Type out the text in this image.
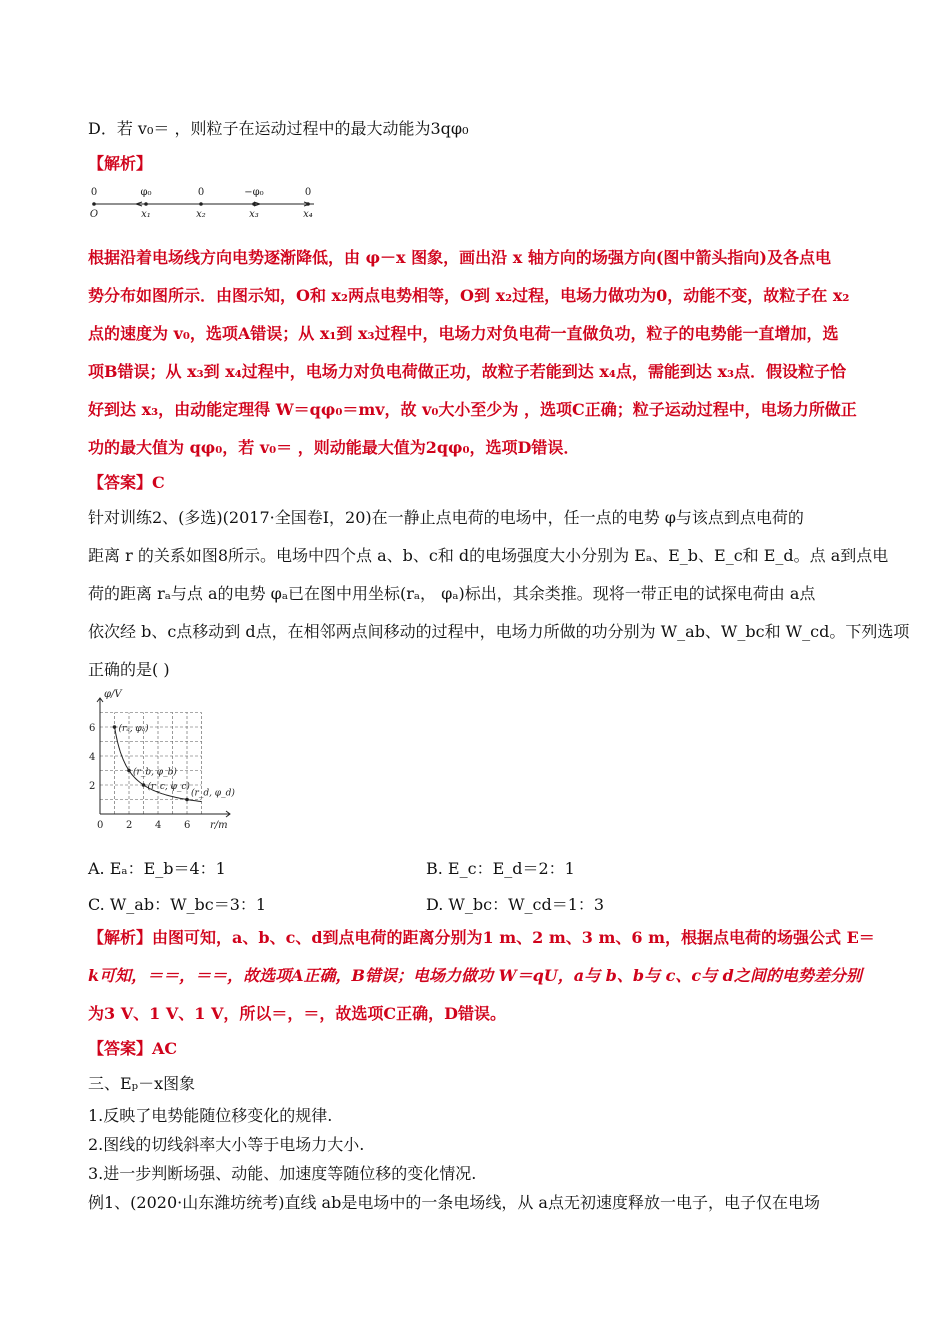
D．若 v₀＝ ，则粒子在运动过程中的最大动能为3qφ₀
【解析】
0	φ₀	0	−φ₀	0
O	x₁	x₂	x₃	x₄
根据沿着电场线方向电势逐渐降低，由 φ－x 图象，画出沿 x 轴方向的场强方向(图中箭头指向)及各点电
势分布如图所示．由图示知，O和 x₂两点电势相等，O到 x₂过程，电场力做功为0，动能不变，故粒子在 x₂
点的速度为 v₀，选项A错误；从 x₁到 x₃过程中，电场力对负电荷一直做负功，粒子的电势能一直增加，选
项B错误；从 x₃到 x₄过程中，电场力对负电荷做正功，故粒子若能到达 x₄点，需能到达 x₃点．假设粒子恰
好到达 x₃，由动能定理得 W＝qφ₀＝mv，故 v₀大小至少为 ，选项C正确；粒子运动过程中，电场力所做正
功的最大值为 qφ₀，若 v₀＝ ，则动能最大值为2qφ₀，选项D错误．
【答案】C
针对训练2、(多选)(2017·全国卷Ⅰ，20)在一静止点电荷的电场中，任一点的电势 φ与该点到点电荷的
距离 r 的关系如图8所示。电场中四个点 a、b、c和 d的电场强度大小分别为 Eₐ、E_b、E_c和 E_d。点 a到点电
荷的距离 rₐ与点 a的电势 φₐ已在图中用坐标(rₐ， φₐ)标出，其余类推。现将一带正电的试探电荷由 a点
依次经 b、c点移动到 d点，在相邻两点间移动的过程中，电场力所做的功分别为 W_ab、W_bc和 W_cd。下列选项
正确的是( )
(rₐ, φₐ)
(r_b, φ_b)
(r_c, φ_c)
(r_d, φ_d)
0 2 4 6
2
4
6
φ/V
r/m
A. Eₐ：E_b＝4：1	B. E_c：E_d＝2：1
C. W_ab：W_bc＝3：1	D. W_bc：W_cd＝1：3
【解析】由图可知，a、b、c、d到点电荷的距离分别为1 m、2 m、3 m、6 m，根据点电荷的场强公式 E＝
k可知，＝＝，＝＝，故选项A正确，B错误；电场力做功 W＝qU，a与 b、b与 c、c与 d之间的电势差分别
为3 V、1 V、1 V，所以＝，＝，故选项C正确，D错误。
【答案】AC
三、Eₚ－x图象
1.反映了电势能随位移变化的规律.
2.图线的切线斜率大小等于电场力大小.
3.进一步判断场强、动能、加速度等随位移的变化情况.
例1、(2020·山东潍坊统考)直线 ab是电场中的一条电场线，从 a点无初速度释放一电子，电子仅在电场
